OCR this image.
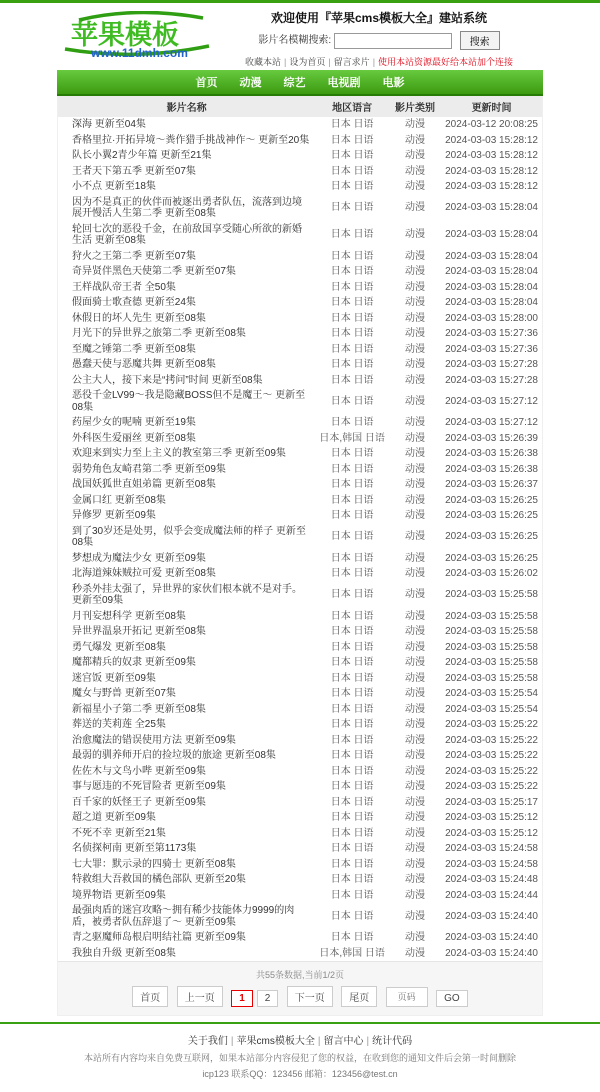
苹果模板
www.11dmh.com
欢迎使用『苹果cms模板大全』建站系统
影片名模糊搜索:	搜索
收藏本站 | 设为首页 | 留言求片 | 使用本站资源最好给本站加个连接
首页 动漫 综艺 电视剧 电影
影片名称	地区语言	影片类别	更新时间
深海 更新至04集	日本 日语	动漫	2024-03-12 20:08:25
香格里拉·开拓异境～粪作猎手挑战神作～ 更新至20集	日本 日语	动漫	2024-03-03 15:28:12
队长小翼2青少年篇 更新至21集	日本 日语	动漫	2024-03-03 15:28:12
王者天下第五季 更新至07集	日本 日语	动漫	2024-03-03 15:28:12
小不点 更新至18集	日本 日语	动漫	2024-03-03 15:28:12
因为不是真正的伙伴而被逐出勇者队伍，流落到边境展开慢活人生第二季 更新至08集	日本 日语	动漫	2024-03-03 15:28:04
轮回七次的恶役千金，在前敌国享受随心所欲的新婚生活 更新至08集	日本 日语	动漫	2024-03-03 15:28:04
狩火之王第二季 更新至07集	日本 日语	动漫	2024-03-03 15:28:04
奇异贤伴黑色天使第二季 更新至07集	日本 日语	动漫	2024-03-03 15:28:04
王样战队帝王者 全50集	日本 日语	动漫	2024-03-03 15:28:04
假面骑士歌查德 更新至24集	日本 日语	动漫	2024-03-03 15:28:04
休假日的坏人先生 更新至08集	日本 日语	动漫	2024-03-03 15:28:00
月光下的异世界之旅第二季 更新至08集	日本 日语	动漫	2024-03-03 15:27:36
至魔之锤第二季 更新至08集	日本 日语	动漫	2024-03-03 15:27:36
愚蠢天使与恶魔共舞 更新至08集	日本 日语	动漫	2024-03-03 15:27:28
公主大人，接下来是“拷问”时间 更新至08集	日本 日语	动漫	2024-03-03 15:27:28
恶役千金LV99～我是隐藏BOSS但不是魔王～ 更新至08集	日本 日语	动漫	2024-03-03 15:27:12
药屋少女的呢喃 更新至19集	日本 日语	动漫	2024-03-03 15:27:12
外科医生爱丽丝 更新至08集	日本,韩国 日语	动漫	2024-03-03 15:26:39
欢迎来到实力至上主义的教室第三季 更新至09集	日本 日语	动漫	2024-03-03 15:26:38
弱势角色友崎君第二季 更新至09集	日本 日语	动漫	2024-03-03 15:26:38
战国妖狐世直姐弟篇 更新至08集	日本 日语	动漫	2024-03-03 15:26:37
金属口红 更新至08集	日本 日语	动漫	2024-03-03 15:26:25
异修罗 更新至09集	日本 日语	动漫	2024-03-03 15:26:25
到了30岁还是处男，似乎会变成魔法师的样子 更新至08集	日本 日语	动漫	2024-03-03 15:26:25
梦想成为魔法少女 更新至09集	日本 日语	动漫	2024-03-03 15:26:25
北海道辣妹贼拉可爱 更新至08集	日本 日语	动漫	2024-03-03 15:26:02
秒杀外挂太强了，异世界的家伙们根本就不是对手。 更新至09集	日本 日语	动漫	2024-03-03 15:25:58
月刊妄想科学 更新至08集	日本 日语	动漫	2024-03-03 15:25:58
异世界温泉开拓记 更新至08集	日本 日语	动漫	2024-03-03 15:25:58
勇气爆发 更新至08集	日本 日语	动漫	2024-03-03 15:25:58
魔都精兵的奴隶 更新至09集	日本 日语	动漫	2024-03-03 15:25:58
迷宫饭 更新至09集	日本 日语	动漫	2024-03-03 15:25:58
魔女与野兽 更新至07集	日本 日语	动漫	2024-03-03 15:25:54
新福星小子第二季 更新至08集	日本 日语	动漫	2024-03-03 15:25:54
葬送的芙莉莲 全25集	日本 日语	动漫	2024-03-03 15:25:22
治愈魔法的错误使用方法 更新至09集	日本 日语	动漫	2024-03-03 15:25:22
最弱的驯养师开启的捡垃圾的旅途 更新至08集	日本 日语	动漫	2024-03-03 15:25:22
佐佐木与文鸟小哔 更新至09集	日本 日语	动漫	2024-03-03 15:25:22
事与愿违的不死冒险者 更新至09集	日本 日语	动漫	2024-03-03 15:25:22
百千家的妖怪王子 更新至09集	日本 日语	动漫	2024-03-03 15:25:17
超之道 更新至09集	日本 日语	动漫	2024-03-03 15:25:12
不死不幸 更新至21集	日本 日语	动漫	2024-03-03 15:25:12
名侦探柯南 更新至第1173集	日本 日语	动漫	2024-03-03 15:24:58
七大罪：默示录的四骑士 更新至08集	日本 日语	动漫	2024-03-03 15:24:58
特救组大吾救国的橘色部队 更新至20集	日本 日语	动漫	2024-03-03 15:24:48
境界物语 更新至09集	日本 日语	动漫	2024-03-03 15:24:44
最强肉盾的迷宫攻略～拥有稀少技能体力9999的肉盾，被勇者队伍辞退了～ 更新至09集	日本 日语	动漫	2024-03-03 15:24:40
青之驱魔师岛根启明结社篇 更新至09集	日本 日语	动漫	2024-03-03 15:24:40
我独自升级 更新至08集	日本,韩国 日语	动漫	2024-03-03 15:24:40
共55条数据,当前1/2页
首页 上一页 1 2 下一页 尾页 页码	GO
关于我们 | 苹果cms模板大全 | 留言中心 | 统计代码
本站所有内容均来自免费互联网，如果本站部分内容侵犯了您的权益，在收到您的通知文件后会第一时间删除
icp123 联系QQ：123456 邮箱：123456@test.cn
